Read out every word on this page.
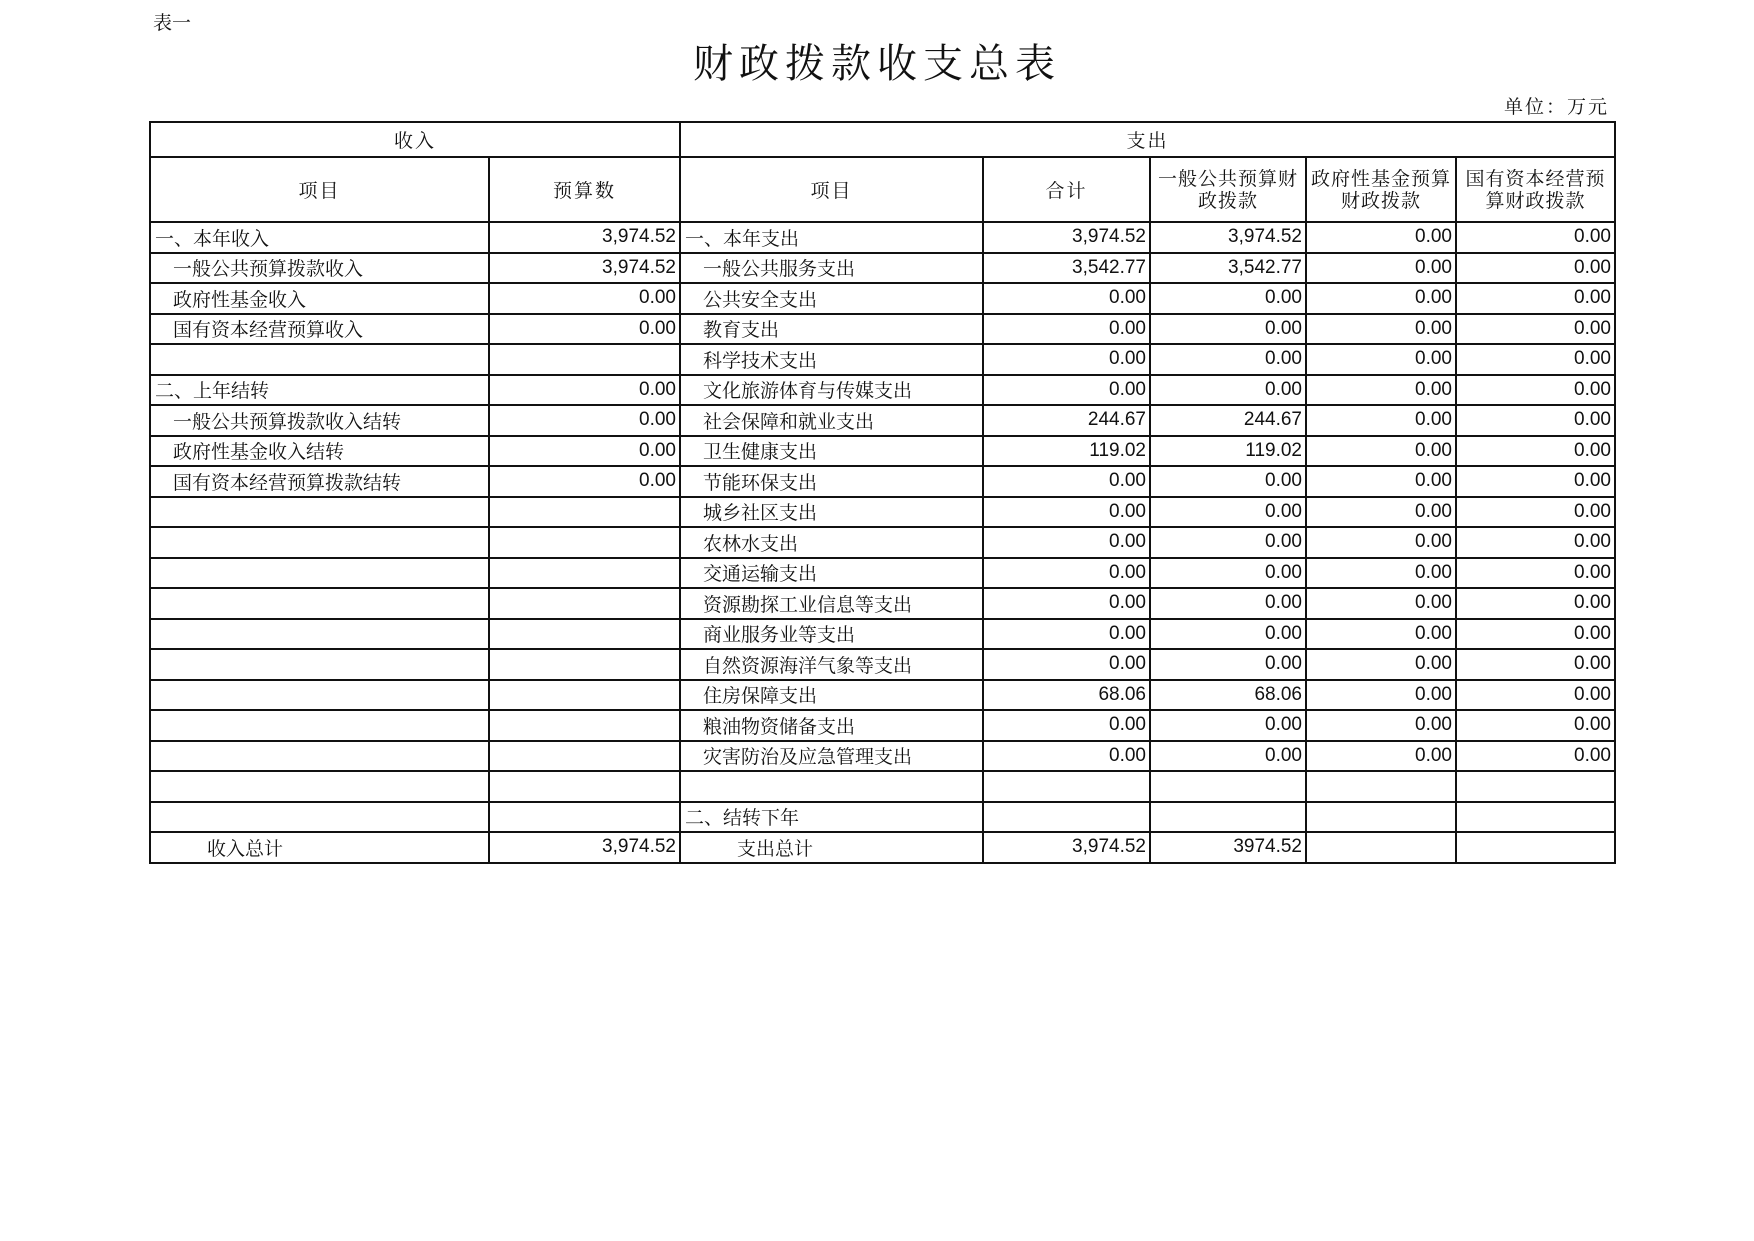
表一
财政拨款收支总表
单位：万元
收入		支出				
项目	预算数	项目	合计	一般公共预算财政拨款	政府性基金预算财政拨款	国有资本经营预算财政拨款
一、本年收入	3,974.52	一、本年支出	3,974.52	3,974.52	0.00	0.00
一般公共预算拨款收入	3,974.52	一般公共服务支出	3,542.77	3,542.77	0.00	0.00
政府性基金收入	0.00	公共安全支出	0.00	0.00	0.00	0.00
国有资本经营预算收入	0.00	教育支出	0.00	0.00	0.00	0.00
		科学技术支出	0.00	0.00	0.00	0.00
二、上年结转	0.00	文化旅游体育与传媒支出	0.00	0.00	0.00	0.00
一般公共预算拨款收入结转	0.00	社会保障和就业支出	244.67	244.67	0.00	0.00
政府性基金收入结转	0.00	卫生健康支出	119.02	119.02	0.00	0.00
国有资本经营预算拨款结转	0.00	节能环保支出	0.00	0.00	0.00	0.00
		城乡社区支出	0.00	0.00	0.00	0.00
		农林水支出	0.00	0.00	0.00	0.00
		交通运输支出	0.00	0.00	0.00	0.00
		资源勘探工业信息等支出	0.00	0.00	0.00	0.00
		商业服务业等支出	0.00	0.00	0.00	0.00
		自然资源海洋气象等支出	0.00	0.00	0.00	0.00
		住房保障支出	68.06	68.06	0.00	0.00
		粮油物资储备支出	0.00	0.00	0.00	0.00
		灾害防治及应急管理支出	0.00	0.00	0.00	0.00

		二、结转下年				
收入总计	3,974.52	支出总计	3,974.52	3974.52		
